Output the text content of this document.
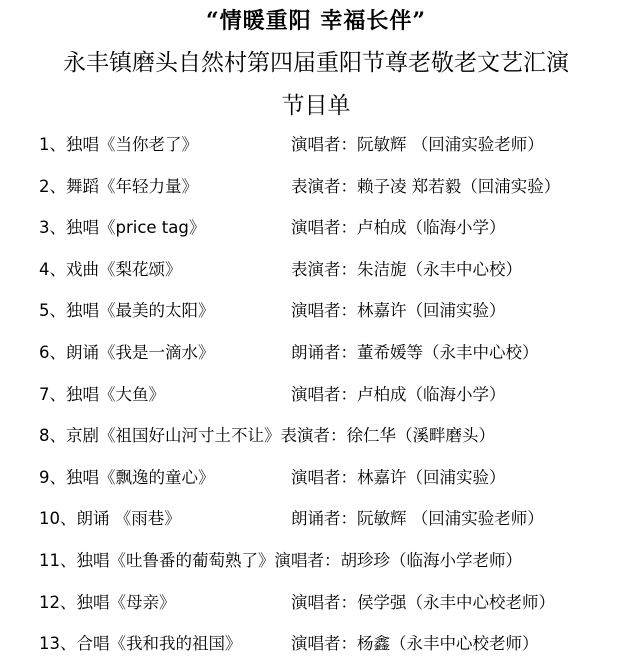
“情暖重阳 幸福长伴”
永丰镇磨头自然村第四届重阳节尊老敬老文艺汇演
节目单
1、独唱《当你老了》	演唱者：阮敏辉 （回浦实验老师）
2、舞蹈《年轻力量》	表演者：赖子凌 郑若毅（回浦实验）
3、独唱《price tag》	演唱者：卢柏成（临海小学）
4、戏曲《梨花颂》	表演者：朱洁旎（永丰中心校）
5、独唱《最美的太阳》	演唱者：林嘉许（回浦实验）
6、朗诵《我是一滴水》	朗诵者：董希媛等（永丰中心校）
7、独唱《大鱼》	演唱者：卢柏成（临海小学）
8、京剧《祖国好山河寸土不让》表演者：徐仁华（溪畔磨头）
9、独唱《飘逸的童心》	演唱者：林嘉许（回浦实验）
10、朗诵 《雨巷》	朗诵者：阮敏辉 （回浦实验老师）
11、独唱《吐鲁番的葡萄熟了》演唱者：胡珍珍（临海小学老师）
12、独唱《母亲》	演唱者：侯学强（永丰中心校老师）
13、合唱《我和我的祖国》	演唱者：杨鑫（永丰中心校老师）
